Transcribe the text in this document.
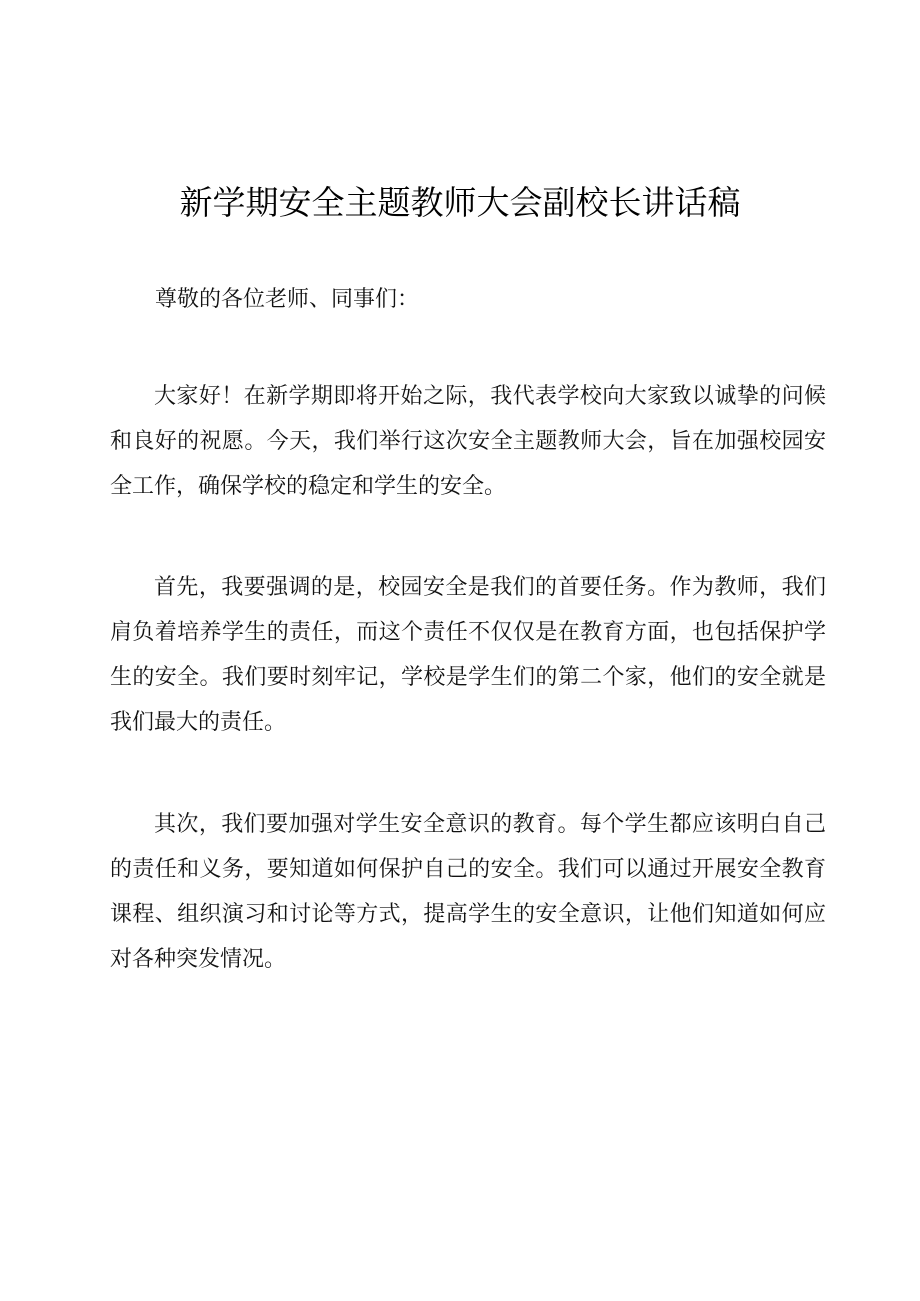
新学期安全主题教师大会副校长讲话稿

尊敬的各位老师、同事们：

大家好！在新学期即将开始之际，我代表学校向大家致以诚挚的问候和良好的祝愿。今天，我们举行这次安全主题教师大会，旨在加强校园安全工作，确保学校的稳定和学生的安全。

首先，我要强调的是，校园安全是我们的首要任务。作为教师，我们肩负着培养学生的责任，而这个责任不仅仅是在教育方面，也包括保护学生的安全。我们要时刻牢记，学校是学生们的第二个家，他们的安全就是我们最大的责任。

其次，我们要加强对学生安全意识的教育。每个学生都应该明白自己的责任和义务，要知道如何保护自己的安全。我们可以通过开展安全教育课程、组织演习和讨论等方式，提高学生的安全意识，让他们知道如何应对各种突发情况。
